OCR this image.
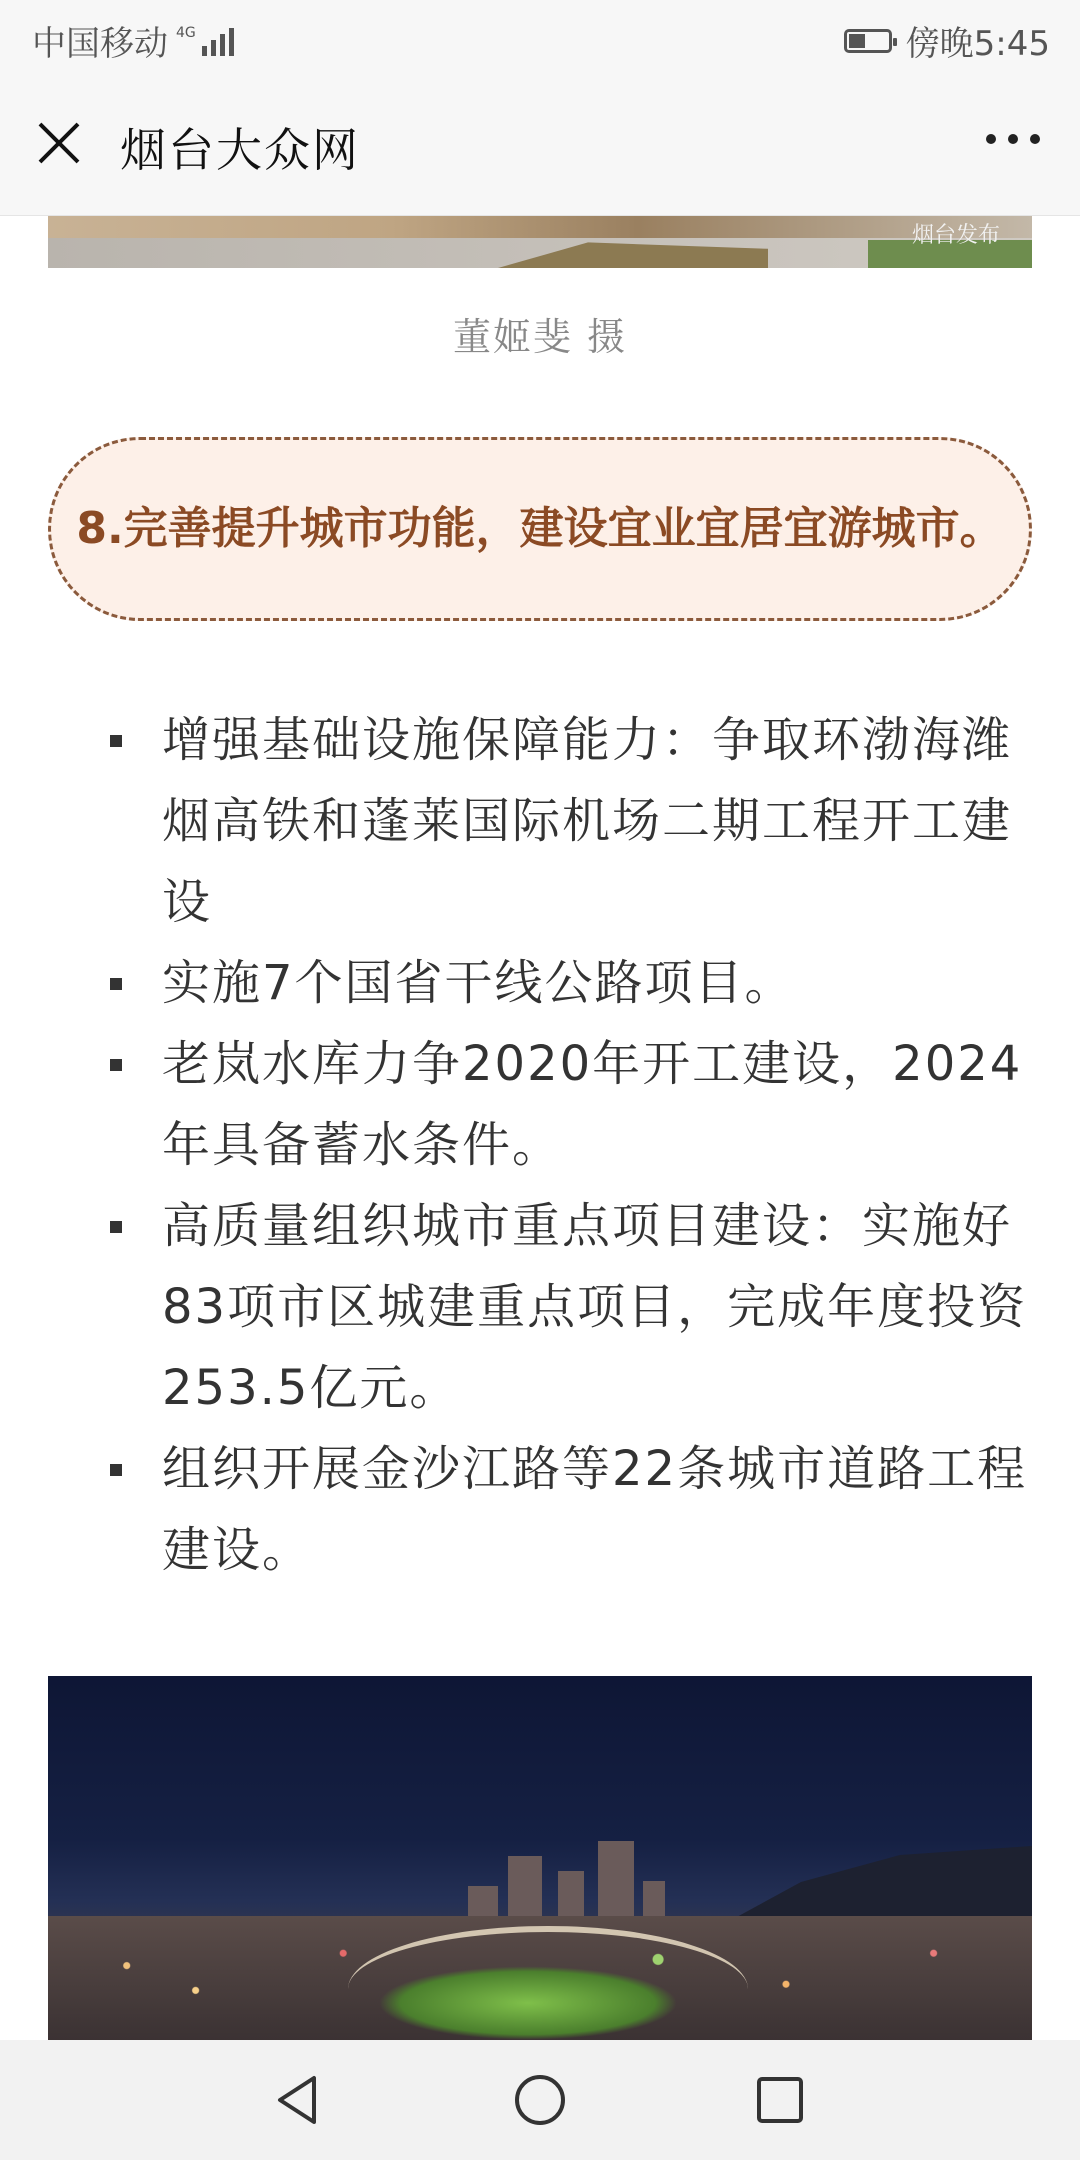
中国移动 4G	傍晚5:45
烟台大众网
烟台发布
董姬斐 摄
8.完善提升城市功能，建设宜业宜居宜游城市。
增强基础设施保障能力：争取环渤海潍烟高铁和蓬莱国际机场二期工程开工建设
实施7个国省干线公路项目。
老岚水库力争2020年开工建设，2024年具备蓄水条件。
高质量组织城市重点项目建设：实施好83项市区城建重点项目，完成年度投资253.5亿元。
组织开展金沙江路等22条城市道路工程建设。
